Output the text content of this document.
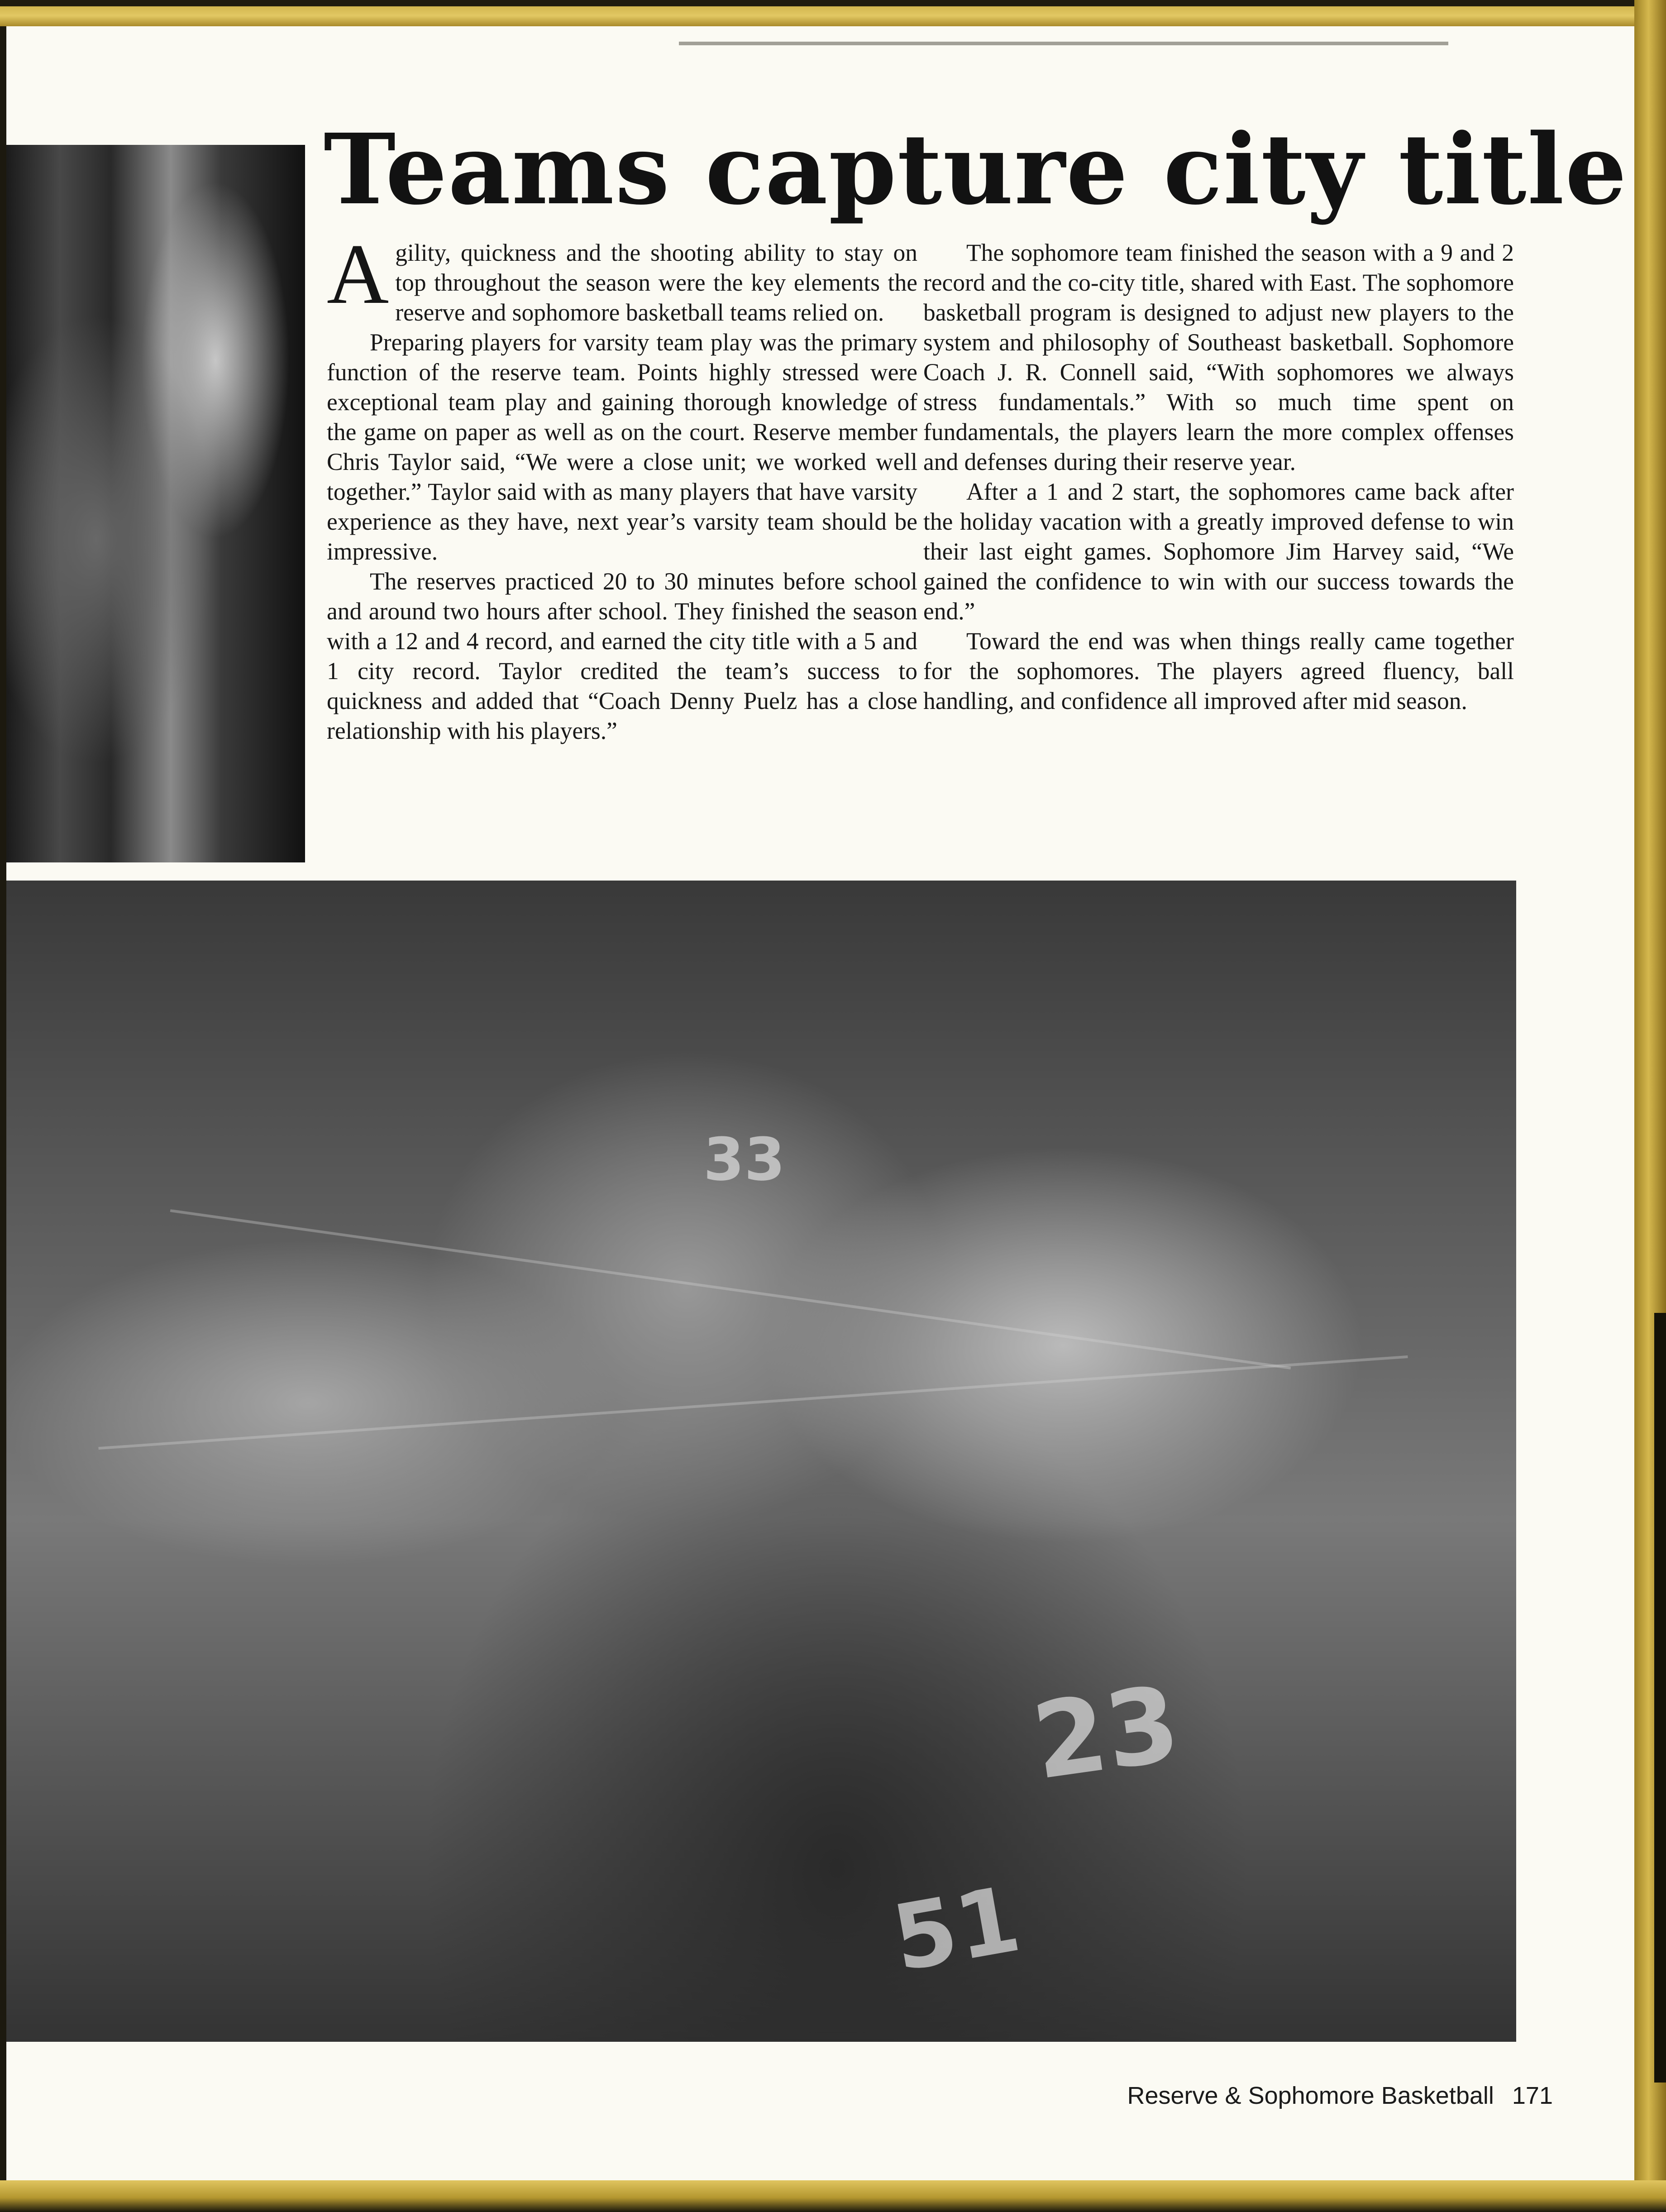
Teams capture city title

Agility, quickness and the shooting ability to stay on top throughout the season were the key elements the reserve and sophomore basketball teams relied on.

Preparing players for varsity team play was the primary function of the reserve team. Points highly stressed were exceptional team play and gaining thorough knowledge of the game on paper as well as on the court. Reserve member Chris Taylor said, “We were a close unit; we worked well together.” Taylor said with as many players that have varsity experience as they have, next year’s varsity team should be impressive.

The reserves practiced 20 to 30 minutes before school and around two hours after school. They finished the season with a 12 and 4 record, and earned the city title with a 5 and 1 city record. Taylor credited the team’s success to quickness and added that “Coach Denny Puelz has a close relationship with his players.”

The sophomore team finished the season with a 9 and 2 record and the co-city title, shared with East. The sophomore basketball program is designed to adjust new players to the system and philosophy of Southeast basketball. Sophomore Coach J. R. Connell said, “With sophomores we always stress fundamentals.” With so much time spent on fundamentals, the players learn the more complex offenses and defenses during their reserve year.

After a 1 and 2 start, the sophomores came back after the holiday vacation with a greatly improved defense to win their last eight games. Sophomore Jim Harvey said, “We gained the confidence to win with our success towards the end.”

Toward the end was when things really came together for the sophomores. The players agreed fluency, ball handling, and confidence all improved after mid season.

33
23
51
Reserve & Sophomore Basketball 171
